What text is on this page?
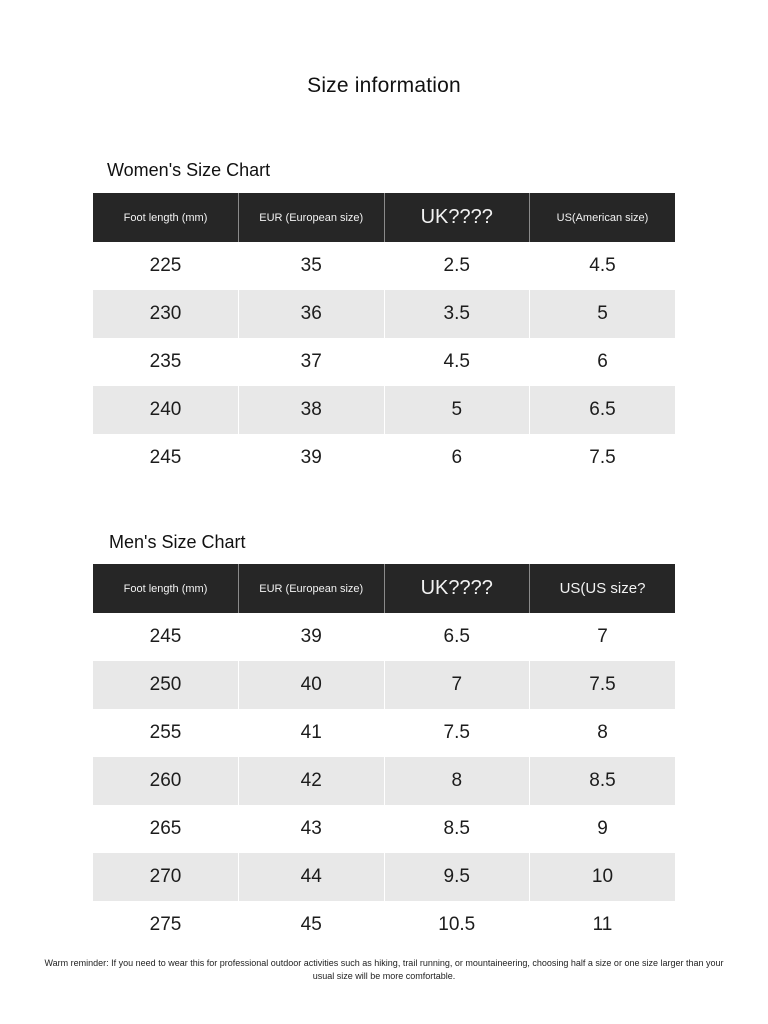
Size information
Women's Size Chart
Foot length (mm)	EUR (European size)	UK????	US(American size)
225	35	2.5	4.5
230	36	3.5	5
235	37	4.5	6
240	38	5	6.5
245	39	6	7.5
Men's Size Chart
Foot length (mm)	EUR (European size)	UK????	US(US size?
245	39	6.5	7
250	40	7	7.5
255	41	7.5	8
260	42	8	8.5
265	43	8.5	9
270	44	9.5	10
275	45	10.5	11
Warm reminder: If you need to wear this for professional outdoor activities such as hiking, trail running, or mountaineering, choosing half a size or one size larger than your usual size will be more comfortable.
